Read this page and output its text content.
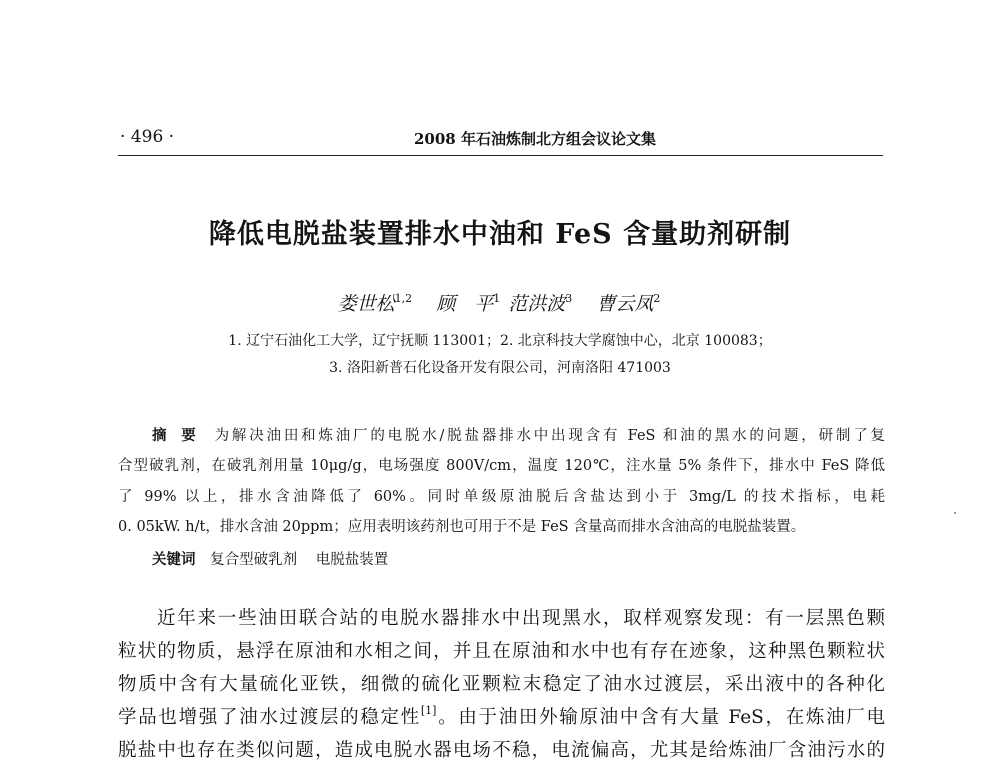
· 496 ·	2008 年石油炼制北方组会议论文集
降低电脱盐装置排水中油和 FeS 含量助剂研制
娄世松$^{1,2}$ 顾　平$^1$ 范洪波$^3$ 曹云凤$^2$
1. 辽宁石油化工大学，辽宁抚顺 113001；2. 北京科技大学腐蚀中心，北京 100083；
3. 洛阳新普石化设备开发有限公司，河南洛阳 471003
摘要 为解决油田和炼油厂的电脱水/脱盐器排水中出现含有 FeS 和油的黑水的问题，研制了复
合型破乳剂，在破乳剂用量 10μg/g，电场强度 800V/cm，温度 120℃，注水量 5% 条件下，排水中 FeS 降低
了 99% 以上，排水含油降低了 60%。同时单级原油脱后含盐达到小于 3mg/L 的技术指标，电耗
0. 05kW. h/t，排水含油 20ppm；应用表明该药剂也可用于不是 FeS 含量高而排水含油高的电脱盐装置。
关键词 复合型破乳剂 电脱盐装置
近年来一些油田联合站的电脱水器排水中出现黑水，取样观察发现：有一层黑色颗
粒状的物质，悬浮在原油和水相之间，并且在原油和水中也有存在迹象，这种黑色颗粒状
物质中含有大量硫化亚铁，细微的硫化亚颗粒末稳定了油水过渡层，采出液中的各种化
学品也增强了油水过渡层的稳定性[1]。由于油田外输原油中含有大量 FeS，在炼油厂电
脱盐中也存在类似问题，造成电脱水器电场不稳，电流偏高，尤其是给炼油厂含油污水的
